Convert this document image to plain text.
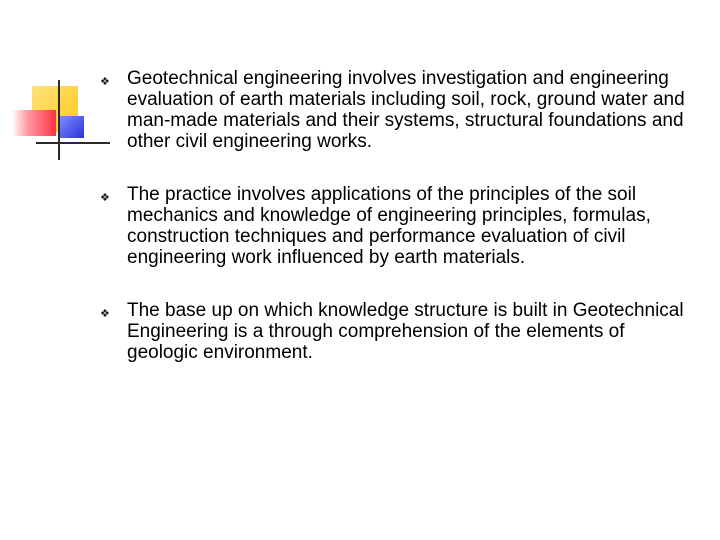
❖ Geotechnical engineering involves investigation and engineering evaluation of earth materials including soil, rock, ground water and man-made materials and their systems, structural foundations and other civil engineering works.
❖ The practice involves applications of the principles of the soil mechanics and knowledge of engineering principles, formulas, construction techniques and performance evaluation of civil engineering work influenced by earth materials.
❖ The base up on which knowledge structure is built in Geotechnical Engineering is a through comprehension of the elements of geologic environment.
